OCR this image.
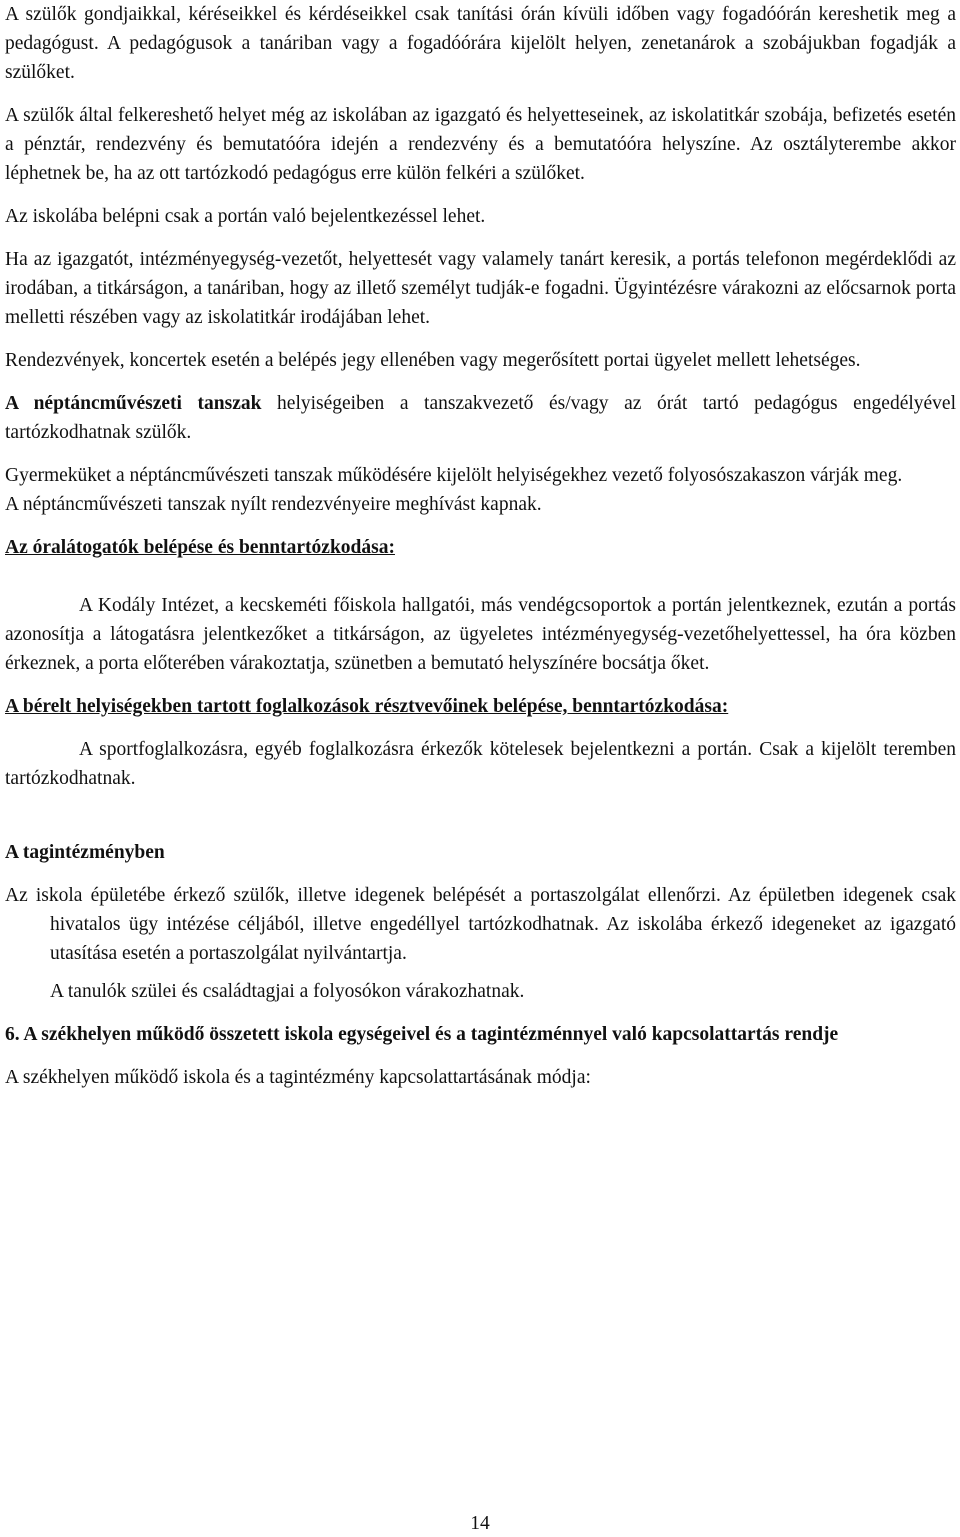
A szülők gondjaikkal, kéréseikkel és kérdéseikkel csak tanítási órán kívüli időben vagy fogadóórán kereshetik meg a pedagógust. A pedagógusok a tanáriban vagy a fogadóórára kijelölt helyen, zenetanárok a szobájukban fogadják a szülőket.

A szülők által felkereshető helyet még az iskolában az igazgató és helyetteseinek, az iskolatitkár szobája, befizetés esetén a pénztár, rendezvény és bemutatóóra idején a rendezvény és a bemutatóóra helyszíne. Az osztályterembe akkor léphetnek be, ha az ott tartózkodó pedagógus erre külön felkéri a szülőket.

Az iskolába belépni csak a portán való bejelentkezéssel lehet.

Ha az igazgatót, intézményegység-vezetőt, helyettesét vagy valamely tanárt keresik, a portás telefonon megérdeklődi az irodában, a titkárságon, a tanáriban, hogy az illető személyt tudják-e fogadni. Ügyintézésre várakozni az előcsarnok porta melletti részében vagy az iskolatitkár irodájában lehet.

Rendezvények, koncertek esetén a belépés jegy ellenében vagy megerősített portai ügyelet mellett lehetséges.

A néptáncművészeti tanszak helyiségeiben a tanszakvezető és/vagy az órát tartó pedagógus engedélyével tartózkodhatnak szülők.

Gyermeküket a néptáncművészeti tanszak működésére kijelölt helyiségekhez vezető folyosószakaszon várják meg.

A néptáncművészeti tanszak nyílt rendezvényeire meghívást kapnak.

Az óralátogatók belépése és benntartózkodása:

A Kodály Intézet, a kecskeméti főiskola hallgatói, más vendégcsoportok a portán jelentkeznek, ezután a portás azonosítja a látogatásra jelentkezőket a titkárságon, az ügyeletes intézményegység-vezetőhelyettessel, ha óra közben érkeznek, a porta előterében várakoztatja, szünetben a bemutató helyszínére bocsátja őket.

A bérelt helyiségekben tartott foglalkozások résztvevőinek belépése, benntartózkodása:

A sportfoglalkozásra, egyéb foglalkozásra érkezők kötelesek bejelentkezni a portán. Csak a kijelölt teremben tartózkodhatnak.

A tagintézményben

Az iskola épületébe érkező szülők, illetve idegenek belépését a portaszolgálat ellenőrzi. Az épületben idegenek csak hivatalos ügy intézése céljából, illetve engedéllyel tartózkodhatnak. Az iskolába érkező idegeneket az igazgató utasítása esetén a portaszolgálat nyilvántartja.

A tanulók szülei és családtagjai a folyosókon várakozhatnak.

6. A székhelyen működő összetett iskola egységeivel és a tagintézménnyel való kapcsolattartás rendje

A székhelyen működő iskola és a tagintézmény kapcsolattartásának módja:

14
